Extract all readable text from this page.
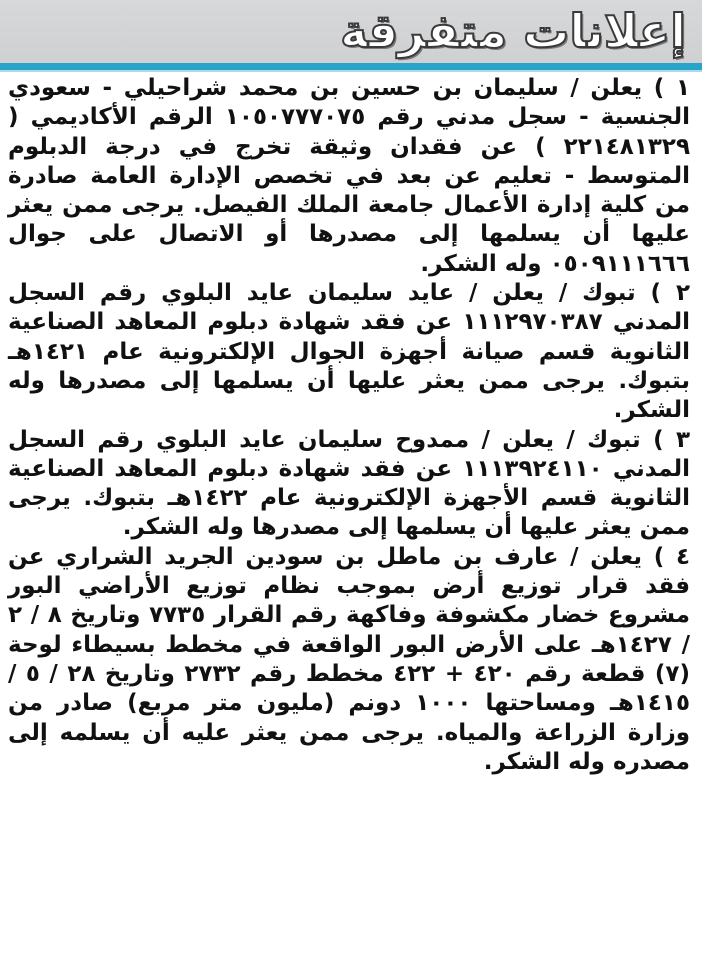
إعلانات متفرقة

١ ) يعلن / سليمان بن حسين بن محمد شراحيلي - سعودي الجنسية - سجل مدني رقم ١٠٥٠٧٧٧٠٧٥ الرقم الأكاديمي ( ٢٢١٤٨١٣٢٩ ) عن فقدان وثيقة تخرج في درجة الدبلوم المتوسط - تعليم عن بعد في تخصص الإدارة العامة صادرة من كلية إدارة الأعمال جامعة الملك الفيصل. يرجى ممن يعثر عليها أن يسلمها إلى مصدرها أو الاتصال على جوال ٠٥٠٩١١١٦٦٦ وله الشكر.

٢ ) تبوك / يعلن / عايد سليمان عايد البلوي رقم السجل المدني ١١١٢٩٧٠٣٨٧ عن فقد شهادة دبلوم المعاهد الصناعية الثانوية قسم صيانة أجهزة الجوال الإلكترونية عام ١٤٢١هـ بتبوك. يرجى ممن يعثر عليها أن يسلمها إلى مصدرها وله الشكر.

٣ ) تبوك / يعلن / ممدوح سليمان عايد البلوي رقم السجل المدني ١١١٣٩٢٤١١٠ عن فقد شهادة دبلوم المعاهد الصناعية الثانوية قسم الأجهزة الإلكترونية عام ١٤٢٢هـ بتبوك. يرجى ممن يعثر عليها أن يسلمها إلى مصدرها وله الشكر.

٤ ) يعلن / عارف بن ماطل بن سودين الجريد الشراري عن فقد قرار توزيع أرض بموجب نظام توزيع الأراضي البور مشروع خضار مكشوفة وفاكهة رقم القرار ٧٧٣٥ وتاريخ ٨ / ٢ / ١٤٢٧هـ على الأرض البور الواقعة في مخطط بسيطاء لوحة (٧) قطعة رقم ٤٢٠ + ٤٢٢ مخطط رقم ٢٧٣٢ وتاريخ ٢٨ / ٥ / ١٤١٥هـ ومساحتها ١٠٠٠ دونم (مليون متر مربع) صادر من وزارة الزراعة والمياه. يرجى ممن يعثر عليه أن يسلمه إلى مصدره وله الشكر.
